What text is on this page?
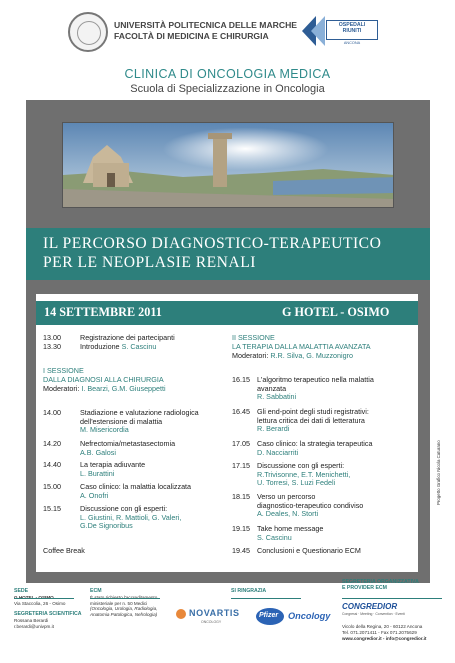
UNIVERSITÀ POLITECNICA DELLE MARCHE
FACOLTÀ DI MEDICINA E CHIRURGIA
OSPEDALI
RIUNITI
ANCONA
CLINICA DI ONCOLOGIA MEDICA
Scuola di Specializzazione in Oncologia
IL PERCORSO DIAGNOSTICO-TERAPEUTICO
PER LE NEOPLASIE RENALI
14 SETTEMBRE 2011	G HOTEL - OSIMO
13.00	Registrazione dei partecipanti
13.30	Introduzione S. Cascinu
I SESSIONE
DALLA DIAGNOSI ALLA CHIRURGIA
Moderatori: I. Bearzi, G.M. Giuseppetti
14.00	Stadiazione e valutazione radiologica
dell'estensione di malattia
M. Misericordia
14.20	Nefrectomia/metastasectomia
A.B. Galosi
14.40	La terapia adiuvante
L. Burattini
15.00	Caso clinico: la malattia localizzata
A. Onofri
15.15	Discussione con gli esperti:
L. Giustini, R. Mattioli, G. Valeri,
G.De Signoribus
Coffee Break
II SESSIONE
LA TERAPIA DALLA MALATTIA AVANZATA
Moderatori: R.R. Silva, G. Muzzonigro
16.15 L'algoritmo terapeutico nella malattia
avanzata
R. Sabbatini
16.45 Gli end-point degli studi registrativi:
lettura critica dei dati di letteratura
R. Berardi
17.05 Caso clinico: la strategia terapeutica
D. Nacciarriti
17.15 Discussione con gli esperti:
R.Trivisonne, E.T. Menichetti,
U. Torresi, S. Luzi Fedeli
18.15 Verso un percorso
diagnostico-terapeutico condiviso
A. Deales, N. Storti
19.15 Take home message
S. Cascinu
19.45 Conclusioni e Questionario ECM
Progetto Grafico Nicola Caturano
SEDE
Via Staccolia, 26 - Osimo
SEGRETERIA SCIENTIFICA
Rossana Berardi
r.berardi@univpm.it
ECM
ministeriale per n. 50 Medici
(Oncologia, Urologia, Radiologia,
Anatomia Patologica, Nefrologia)
SI RINGRAZIA
NOVARTIS
ONCOLOGY
Pfizer Oncology
SEGRETERIA ORGANIZZATIVA
E PROVIDER ECM
CONGREDIOR
Congressi · Meeting · Convention · Eventi
Vicolo della Regina, 20 - 60122 Ancona
Tel. 071.2071411 - Fax 071.2075629
www.congredior.it - info@congredior.it
